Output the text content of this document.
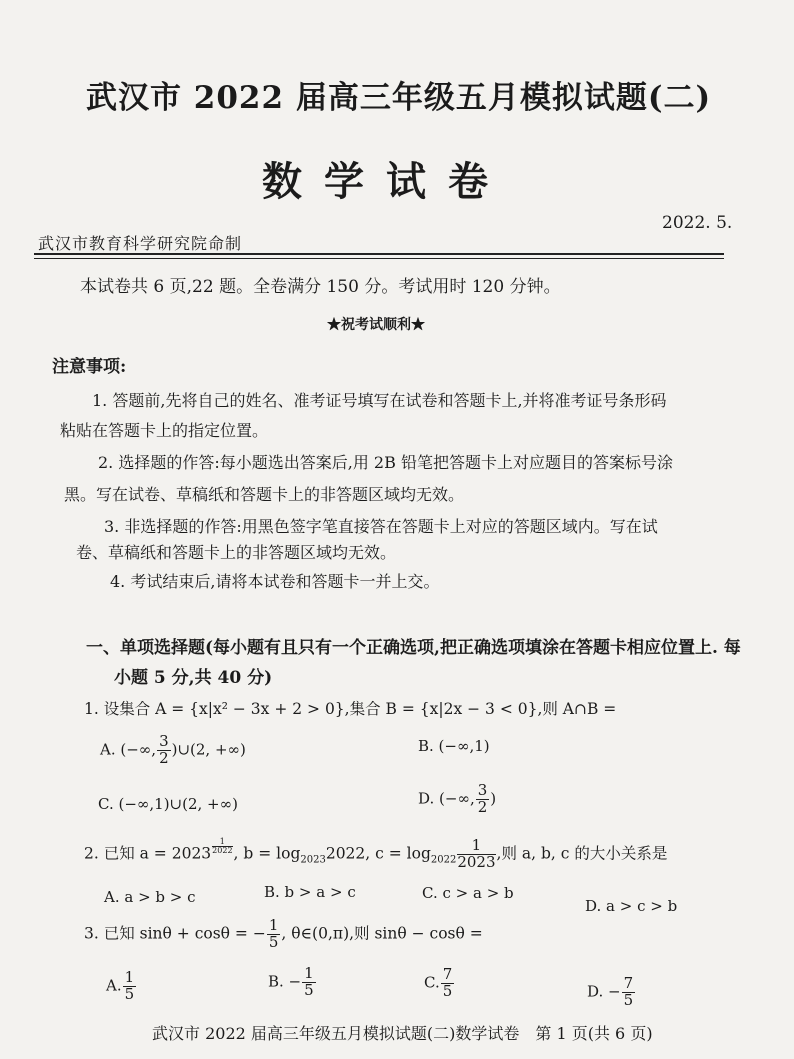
武汉市 2022 届高三年级五月模拟试题(二)
数学试卷
2022. 5.
武汉市教育科学研究院命制
本试卷共 6 页,22 题。全卷满分 150 分。考试用时 120 分钟。
★祝考试顺利★
注意事项:
1. 答题前,先将自己的姓名、准考证号填写在试卷和答题卡上,并将准考证号条形码
粘贴在答题卡上的指定位置。
2. 选择题的作答:每小题选出答案后,用 2B 铅笔把答题卡上对应题目的答案标号涂
黑。写在试卷、草稿纸和答题卡上的非答题区域均无效。
3. 非选择题的作答:用黑色签字笔直接答在答题卡上对应的答题区域内。写在试
卷、草稿纸和答题卡上的非答题区域均无效。
4. 考试结束后,请将本试卷和答题卡一并上交。
一、单项选择题(每小题有且只有一个正确选项,把正确选项填涂在答题卡相应位置上. 每
小题 5 分,共 40 分)
1. 设集合 A = {x|x² − 3x + 2 > 0},集合 B = {x|2x − 3 < 0},则 A∩B =
A. (−∞, $\frac{3}{2}$ )∪(2, +∞)	B. (−∞,1)
C. (−∞,1)∪(2, +∞)	D. (−∞, $\frac{3}{2}$ )
2. 已知 a = 2023 $^{\frac{1}{2022}}$ , $b = \log_{2023}2022$, $c = \log_{2022} \frac{1}{2023}$ ,则 a, b, c 的大小关系是
A. a > b > c	B. b > a > c	C. c > a > b
D. a > c > b
3. 已知 sinθ + cosθ = − $\frac{1}{5}$ , θ∈(0,π),则 sinθ − cosθ =
A. $\frac{1}{5}$	B. − $\frac{1}{5}$	C. $\frac{7}{5}$	D. − $\frac{7}{5}$
武汉市 2022 届高三年级五月模拟试题(二)数学试卷　第 1 页(共 6 页)
